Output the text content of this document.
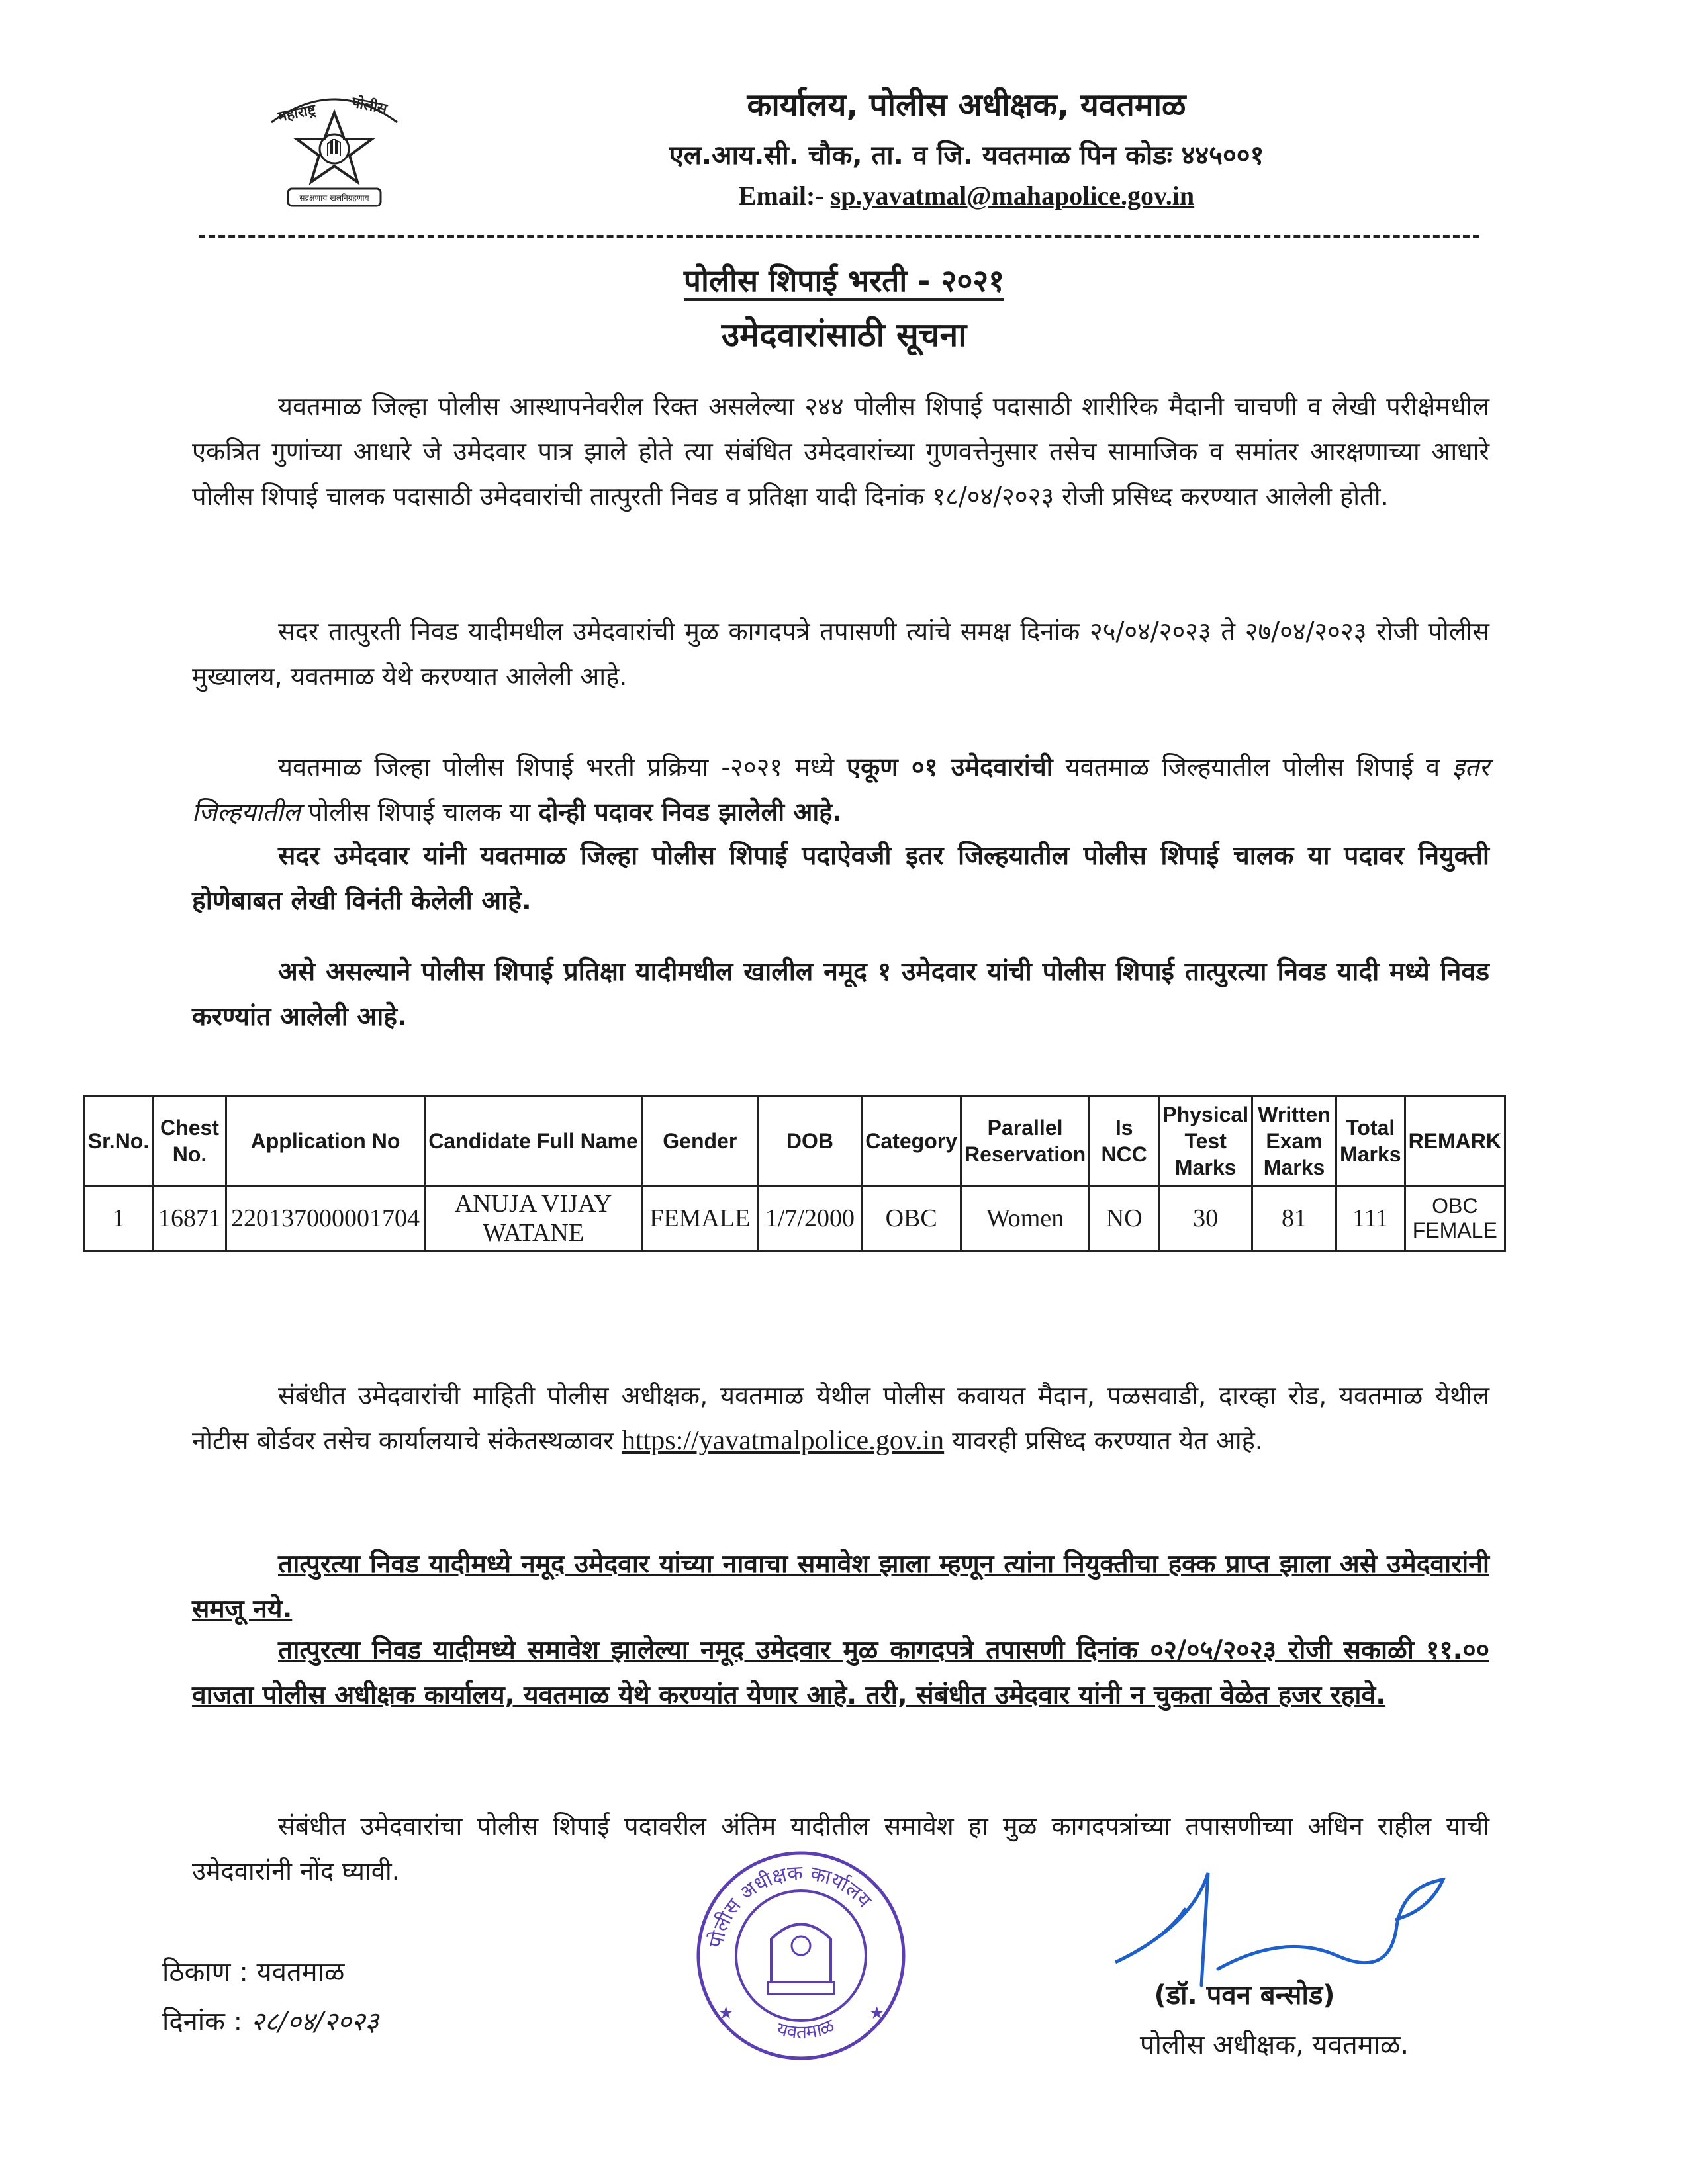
महाराष्ट्र पोलीस
सद्रक्षणाय खलनिग्रहणाय
कार्यालय, पोलीस अधीक्षक, यवतमाळ
एल.आय.सी. चौक, ता. व जि. यवतमाळ पिन कोडः ४४५००१
Email:- sp.yavatmal@mahapolice.gov.in
पोलीस शिपाई भरती - २०२१
उमेदवारांसाठी सूचना
यवतमाळ जिल्हा पोलीस आस्थापनेवरील रिक्त असलेल्या २४४ पोलीस शिपाई पदासाठी शारीरिक मैदानी चाचणी व लेखी परीक्षेमधील एकत्रित गुणांच्या आधारे जे उमेदवार पात्र झाले होते त्या संबंधित उमेदवारांच्या गुणवत्तेनुसार तसेच सामाजिक व समांतर आरक्षणाच्या आधारे पोलीस शिपाई चालक पदासाठी उमेदवारांची तात्पुरती निवड व प्रतिक्षा यादी दिनांक १८/०४/२०२३ रोजी प्रसिध्द करण्यात आलेली होती.
सदर तात्पुरती निवड यादीमधील उमेदवारांची मुळ कागदपत्रे तपासणी त्यांचे समक्ष दिनांक २५/०४/२०२३ ते २७/०४/२०२३ रोजी पोलीस मुख्यालय, यवतमाळ येथे करण्यात आलेली आहे.
यवतमाळ जिल्हा पोलीस शिपाई भरती प्रक्रिया -२०२१ मध्ये एकूण ०१ उमेदवारांची यवतमाळ जिल्हयातील पोलीस शिपाई व इतर जिल्हयातील पोलीस शिपाई चालक या दोन्ही पदावर निवड झालेली आहे.
सदर उमेदवार यांनी यवतमाळ जिल्हा पोलीस शिपाई पदाऐवजी इतर जिल्हयातील पोलीस शिपाई चालक या पदावर नियुक्ती होणेबाबत लेखी विनंती केलेली आहे.
असे असल्याने पोलीस शिपाई प्रतिक्षा यादीमधील खालील नमूद १ उमेदवार यांची पोलीस शिपाई तात्पुरत्या निवड यादी मध्ये निवड करण्यांत आलेली आहे.
Sr.No.	Chest No.	Application No	Candidate Full Name	Gender	DOB	Category	Parallel Reservation	Is NCC	Physical Test Marks	Written Exam Marks	Total Marks	REMARK
1	16871	220137000001704	ANUJA VIJAY WATANE	FEMALE	1/7/2000	OBC	Women	NO	30	81	111	OBC FEMALE
संबंधीत उमेदवारांची माहिती पोलीस अधीक्षक, यवतमाळ येथील पोलीस कवायत मैदान, पळसवाडी, दारव्हा रोड, यवतमाळ येथील नोटीस बोर्डवर तसेच कार्यालयाचे संकेतस्थळावर https://yavatmalpolice.gov.in यावरही प्रसिध्द करण्यात येत आहे.
तात्पुरत्या निवड यादीमध्ये नमूद उमेदवार यांच्या नावाचा समावेश झाला म्हणून त्यांना नियुक्तीचा हक्क प्राप्त झाला असे उमेदवारांनी समजू नये.
तात्पुरत्या निवड यादीमध्ये समावेश झालेल्या नमूद उमेदवार मुळ कागदपत्रे तपासणी दिनांक ०२/०५/२०२३ रोजी सकाळी ११.०० वाजता पोलीस अधीक्षक कार्यालय, यवतमाळ येथे करण्यांत येणार आहे. तरी, संबंधीत उमेदवार यांनी न चुकता वेळेत हजर रहावे.
संबंधीत उमेदवारांचा पोलीस शिपाई पदावरील अंतिम यादीतील समावेश हा मुळ कागदपत्रांच्या तपासणीच्या अधिन राहील याची उमेदवारांनी नोंद घ्यावी.
★	★
पोलीस अधीक्षक कार्यालय
यवतमाळ
(डॉ. पवन बन्सोड)
पोलीस अधीक्षक, यवतमाळ.
ठिकाण : यवतमाळ
दिनांक : २८/०४/२०२३
